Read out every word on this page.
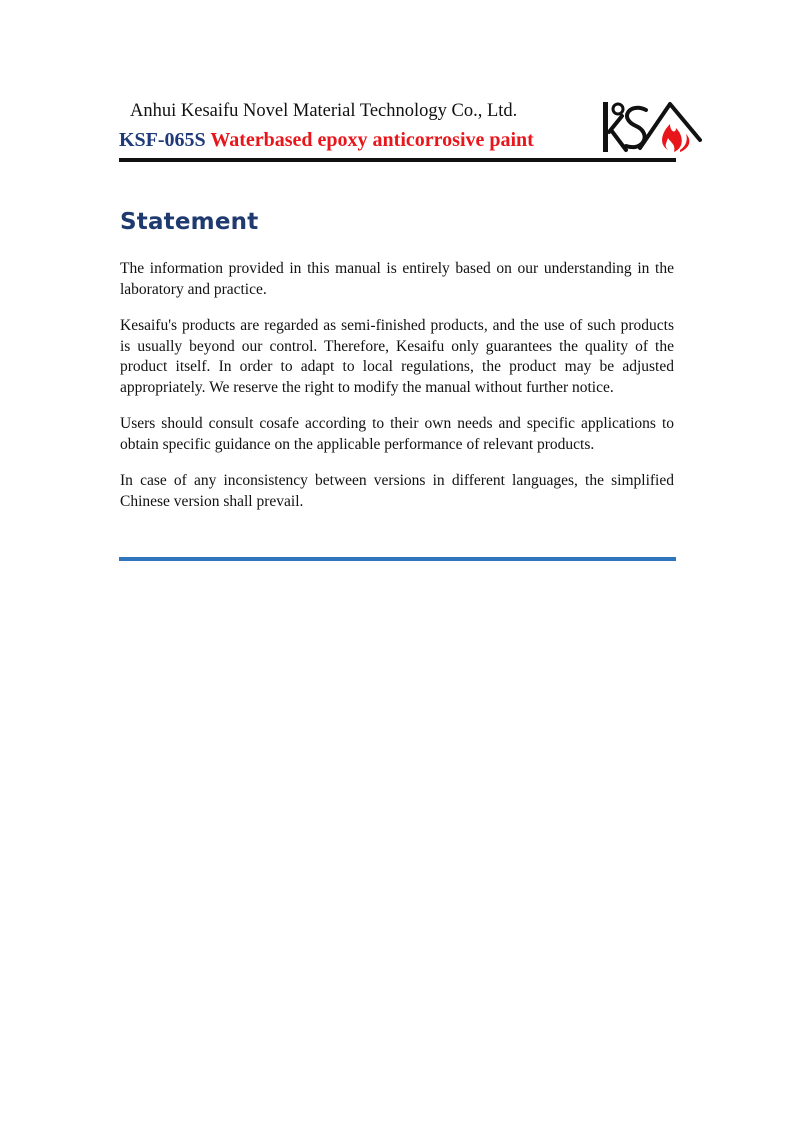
Anhui Kesaifu Novel Material Technology Co., Ltd.
KSF-065S Waterbased epoxy anticorrosive paint
Statement

The information provided in this manual is entirely based on our understanding in the laboratory and practice.

Kesaifu's products are regarded as semi-finished products, and the use of such products is usually beyond our control. Therefore, Kesaifu only guarantees the quality of the product itself. In order to adapt to local regulations, the product may be adjusted appropriately. We reserve the right to modify the manual without further notice.

Users should consult cosafe according to their own needs and specific applications to obtain specific guidance on the applicable performance of relevant products.

In case of any inconsistency between versions in different languages, the simplified Chinese version shall prevail.
